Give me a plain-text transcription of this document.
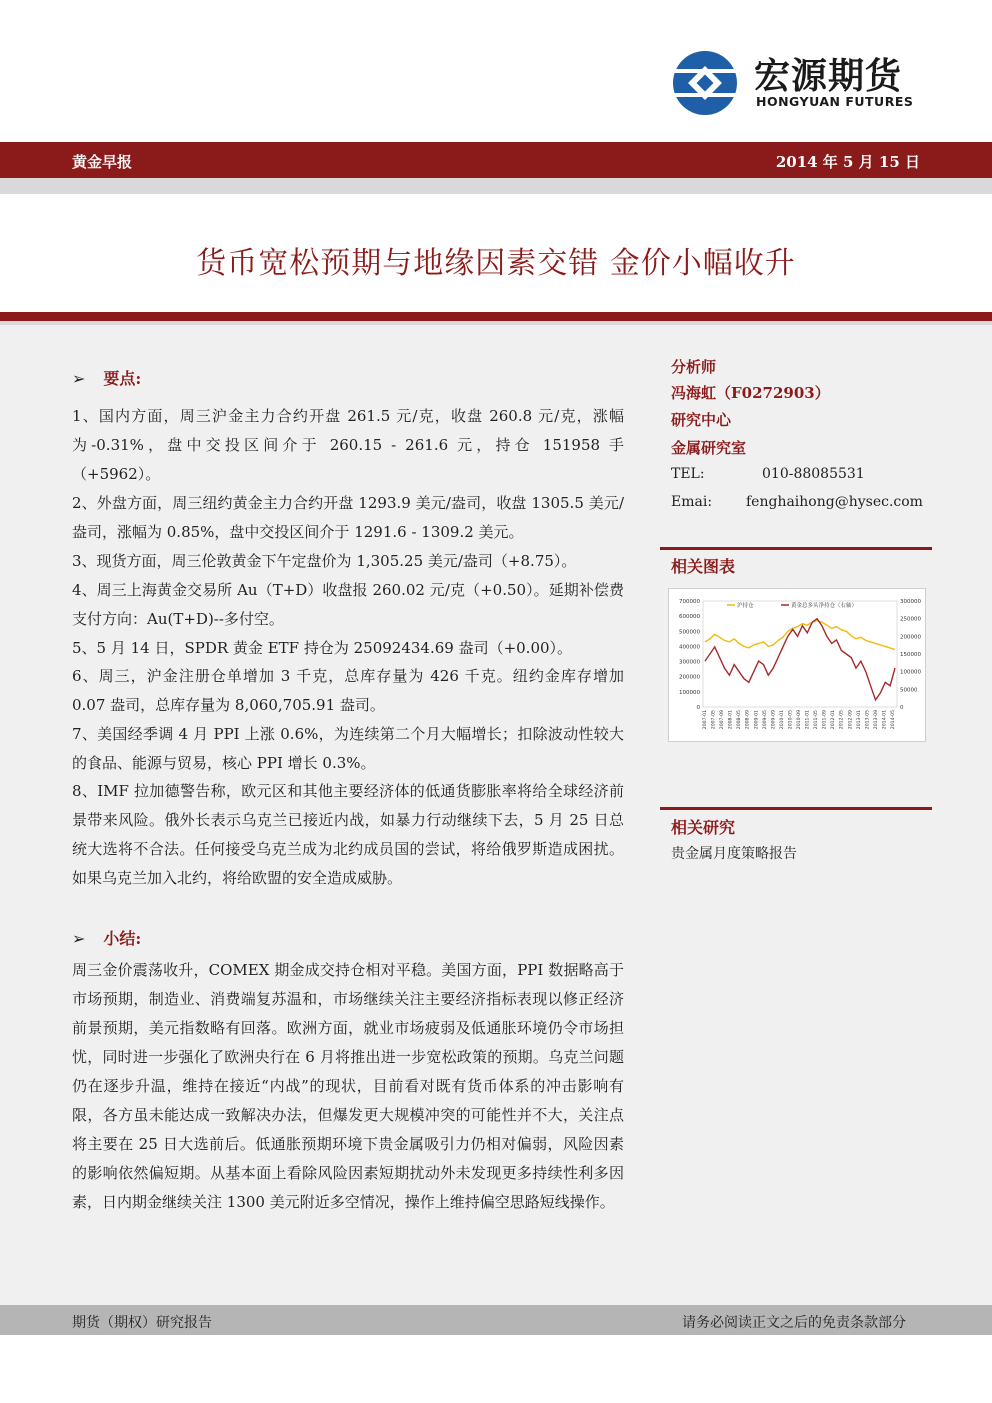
宏源期货
HONGYUAN FUTURES
黄金早报	2014 年 5 月 15 日
货币宽松预期与地缘因素交错 金价小幅收升
➢ 要点:

1、国内方面，周三沪金主力合约开盘 261.5 元/克，收盘 260.8 元/克，涨幅为-0.31%，盘中交投区间介于 260.15 - 261.6 元，持仓 151958 手（+5962）。

2、外盘方面，周三纽约黄金主力合约开盘 1293.9 美元/盎司，收盘 1305.5 美元/盎司，涨幅为 0.85%，盘中交投区间介于 1291.6 - 1309.2 美元。

3、现货方面，周三伦敦黄金下午定盘价为 1,305.25 美元/盎司（+8.75）。

4、周三上海黄金交易所 Au（T+D）收盘报 260.02 元/克（+0.50）。延期补偿费支付方向：Au(T+D)--多付空。

5、5 月 14 日，SPDR 黄金 ETF 持仓为 25092434.69 盎司（+0.00）。

6、周三，沪金注册仓单增加 3 千克，总库存量为 426 千克。纽约金库存增加 0.07 盎司，总库存量为 8,060,705.91 盎司。

7、美国经季调 4 月 PPI 上涨 0.6%，为连续第二个月大幅增长；扣除波动性较大的食品、能源与贸易，核心 PPI 增长 0.3%。

8、IMF 拉加德警告称，欧元区和其他主要经济体的低通货膨胀率将给全球经济前景带来风险。俄外长表示乌克兰已接近内战，如暴力行动继续下去，5 月 25 日总统大选将不合法。任何接受乌克兰成为北约成员国的尝试，将给俄罗斯造成困扰。如果乌克兰加入北约，将给欧盟的安全造成威胁。

➢ 小结:

周三金价震荡收升，COMEX 期金成交持仓相对平稳。美国方面，PPI 数据略高于市场预期，制造业、消费端复苏温和，市场继续关注主要经济指标表现以修正经济前景预期，美元指数略有回落。欧洲方面，就业市场疲弱及低通胀环境仍令市场担忧，同时进一步强化了欧洲央行在 6 月将推出进一步宽松政策的预期。乌克兰问题仍在逐步升温，维持在接近“内战”的现状，目前看对既有货币体系的冲击影响有限，各方虽未能达成一致解决办法，但爆发更大规模冲突的可能性并不大，关注点将主要在 25 日大选前后。低通胀预期环境下贵金属吸引力仍相对偏弱，风险因素的影响依然偏短期。从基本面上看除风险因素短期扰动外未发现更多持续性利多因素，日内期金继续关注 1300 美元附近多空情况，操作上维持偏空思路短线操作。

分析师
冯海虹（F0272903）
研究中心
金属研究室
TEL:	010-88085531
Emai: fenghaihong@hysec.com
相关图表
700000
600000
500000
400000
300000
200000
100000
0
300000
250000
200000
150000
100000
50000
0
2007-01 2007-05 2007-09 2008-01 2008-05 2008-09 2009-01 2009-05 2009-09 2010-01 2010-05 2010-09 2011-01 2011-05 2011-09 2012-01 2012-05 2012-09 2013-01 2013-05 2013-09 2014-01 2014-05
沪持仓	黄金总多头净持仓（右轴）
相关研究
贵金属月度策略报告
期货（期权）研究报告	请务必阅读正文之后的免责条款部分
